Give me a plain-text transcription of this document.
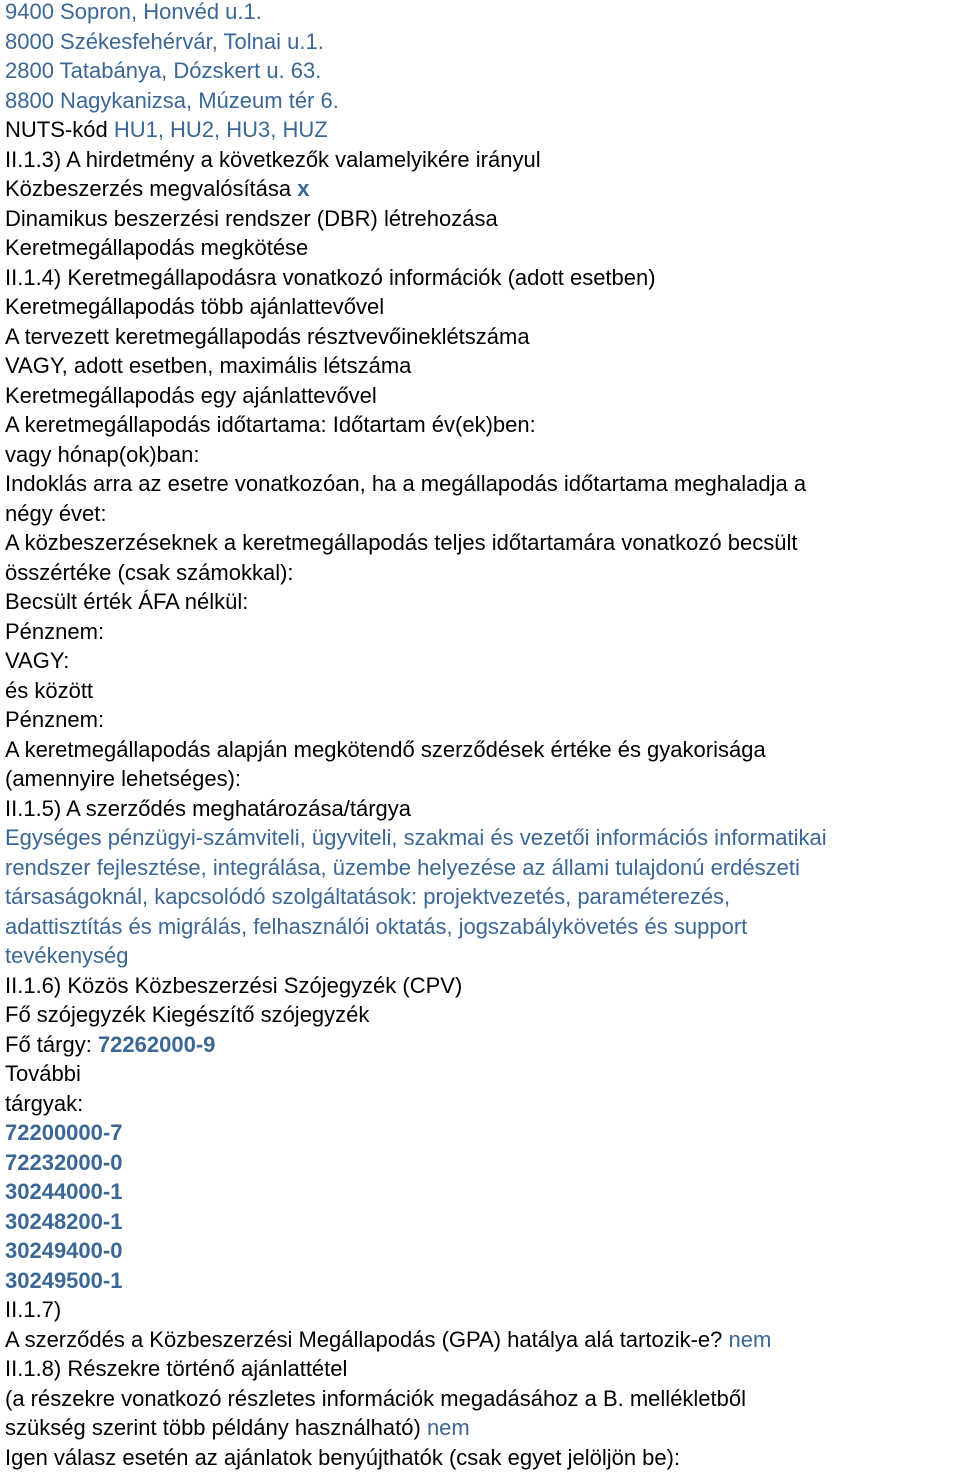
9400 Sopron, Honvéd u.1.
8000 Székesfehérvár, Tolnai u.1.
2800 Tatabánya, Dózskert u. 63.
8800 Nagykanizsa, Múzeum tér 6.
NUTS-kód HU1, HU2, HU3, HUZ
II.1.3) A hirdetmény a következők valamelyikére irányul
Közbeszerzés megvalósítása x
Dinamikus beszerzési rendszer (DBR) létrehozása
Keretmegállapodás megkötése
II.1.4) Keretmegállapodásra vonatkozó információk (adott esetben)
Keretmegállapodás több ajánlattevővel
A tervezett keretmegállapodás résztvevőineklétszáma
VAGY, adott esetben, maximális létszáma
Keretmegállapodás egy ajánlattevővel
A keretmegállapodás időtartama: Időtartam év(ek)ben:
vagy hónap(ok)ban:
Indoklás arra az esetre vonatkozóan, ha a megállapodás időtartama meghaladja a
négy évet:
A közbeszerzéseknek a keretmegállapodás teljes időtartamára vonatkozó becsült
összértéke (csak számokkal):
Becsült érték ÁFA nélkül:
Pénznem:
VAGY:
és között
Pénznem:
A keretmegállapodás alapján megkötendő szerződések értéke és gyakorisága
(amennyire lehetséges):
II.1.5) A szerződés meghatározása/tárgya
Egységes pénzügyi-számviteli, ügyviteli, szakmai és vezetői információs informatikai
rendszer fejlesztése, integrálása, üzembe helyezése az állami tulajdonú erdészeti
társaságoknál, kapcsolódó szolgáltatások: projektvezetés, paraméterezés,
adattisztítás és migrálás, felhasználói oktatás, jogszabálykövetés és support
tevékenység
II.1.6) Közös Közbeszerzési Szójegyzék (CPV)
Fő szójegyzék Kiegészítő szójegyzék
Fő tárgy: 72262000-9
További
tárgyak:
72200000-7
72232000-0
30244000-1
30248200-1
30249400-0
30249500-1
II.1.7)
A szerződés a Közbeszerzési Megállapodás (GPA) hatálya alá tartozik-e? nem
II.1.8) Részekre történő ajánlattétel
(a részekre vonatkozó részletes információk megadásához a B. mellékletből
szükség szerint több példány használható) nem
Igen válasz esetén az ajánlatok benyújthatók (csak egyet jelöljön be):
